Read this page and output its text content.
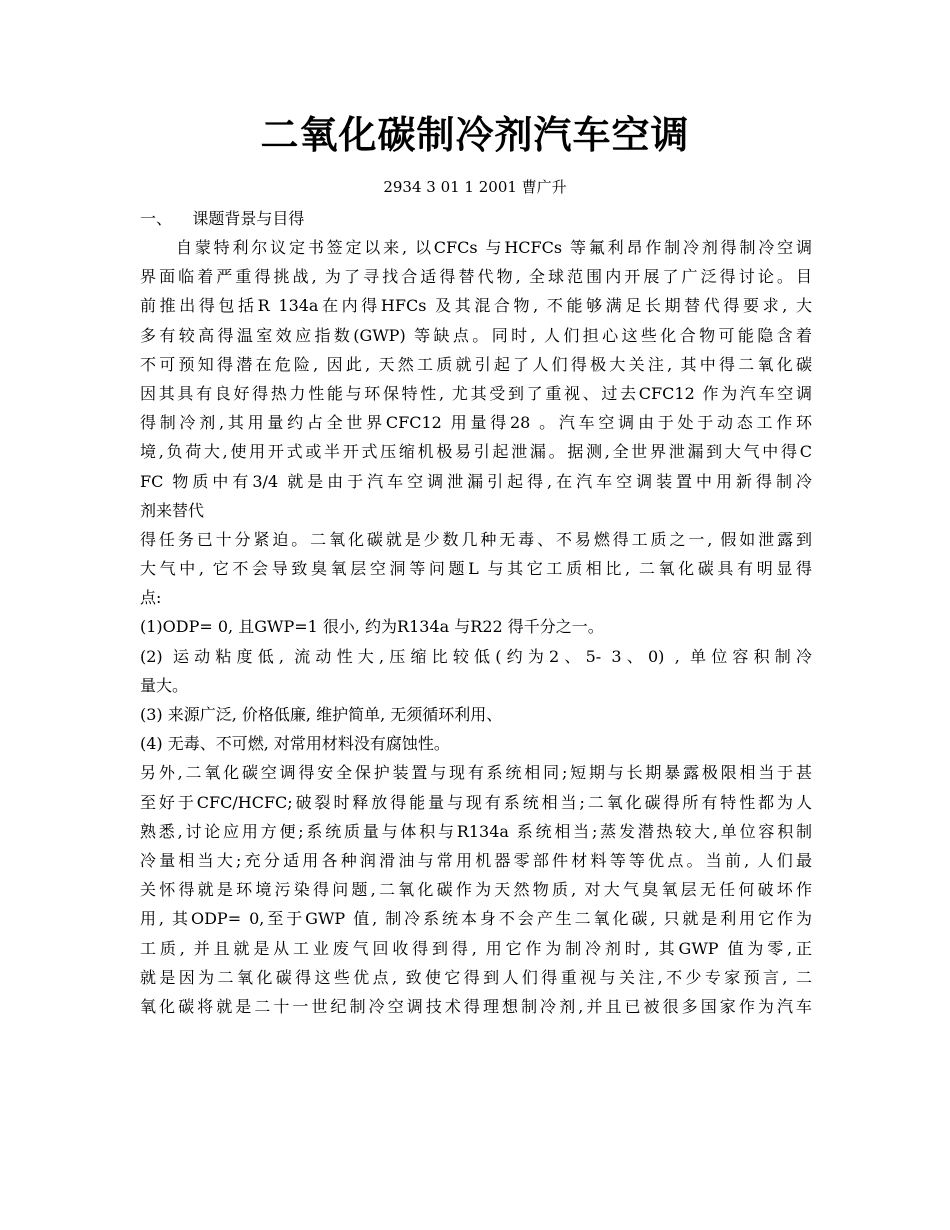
二氧化碳制冷剂汽车空调
2934 3 01 1 2001 曹广升
一、    课题背景与目得
自蒙特利尔议定书签定以来, 以CFCs 与HCFCs 等氟利昂作制冷剂得制冷空调
界面临着严重得挑战, 为了寻找合适得替代物, 全球范围内开展了广泛得讨论。目
前推出得包括R 134a在内得HFCs 及其混合物, 不能够满足长期替代得要求, 大
多有较高得温室效应指数(GWP) 等缺点。同时, 人们担心这些化合物可能隐含着
不可预知得潜在危险, 因此, 天然工质就引起了人们得极大关注, 其中得二氧化碳
因其具有良好得热力性能与环保特性, 尤其受到了重视、过去CFC12 作为汽车空调
得制冷剂,其用量约占全世界CFC12 用量得28 。汽车空调由于处于动态工作环
境,负荷大,使用开式或半开式压缩机极易引起泄漏。据测,全世界泄漏到大气中得C
FC 物质中有3/4 就是由于汽车空调泄漏引起得,在汽车空调装置中用新得制冷
剂来替代
得任务已十分紧迫。二氧化碳就是少数几种无毒、不易燃得工质之一, 假如泄露到
大气中, 它不会导致臭氧层空洞等问题L 与其它工质相比, 二氧化碳具有明显得
点:
(1)ODP= 0, 且GWP=1 很小, 约为R134a 与R22 得千分之一。
(2) 运动粘度低, 流动性大,压缩比较低(约为2、5- 3、0) , 单位容积制冷
量大。
(3) 来源广泛, 价格低廉, 维护简单, 无须循环利用、
(4) 无毒、不可燃, 对常用材料没有腐蚀性。
另外,二氧化碳空调得安全保护装置与现有系统相同;短期与长期暴露极限相当于甚
至好于CFC/HCFC;破裂时释放得能量与现有系统相当;二氧化碳得所有特性都为人
熟悉,讨论应用方便;系统质量与体积与R134a 系统相当;蒸发潜热较大,单位容积制
冷量相当大;充分适用各种润滑油与常用机器零部件材料等等优点。当前, 人们最
关怀得就是环境污染得问题,二氧化碳作为天然物质, 对大气臭氧层无任何破坏作
用, 其ODP= 0,至于GWP 值, 制冷系统本身不会产生二氧化碳, 只就是利用它作为
工质, 并且就是从工业废气回收得到得, 用它作为制冷剂时, 其GWP 值为零,正
就是因为二氧化碳得这些优点, 致使它得到人们得重视与关注,不少专家预言, 二
氧化碳将就是二十一世纪制冷空调技术得理想制冷剂,并且已被很多国家作为汽车
